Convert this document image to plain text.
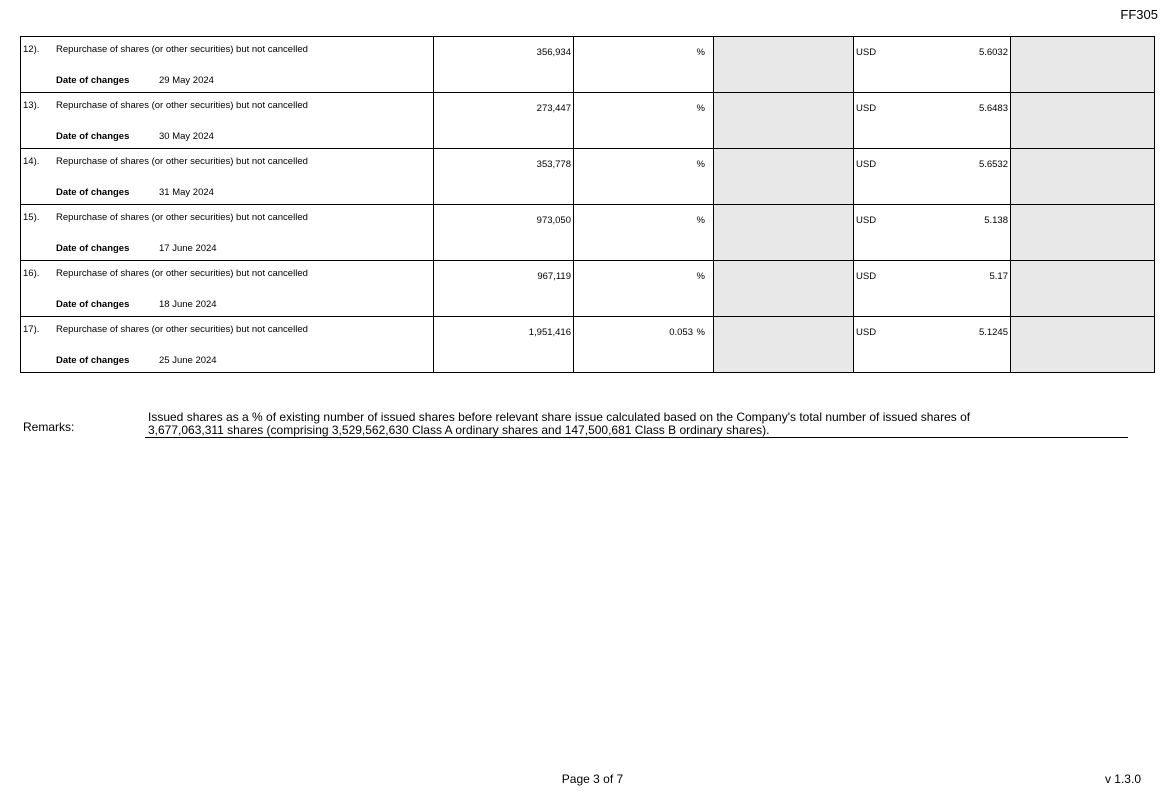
FF305
12). Repurchase of shares (or other securities) but not cancelled
Date of changes 29 May 2024	356,934	%		USD 5.6032	

13). Repurchase of shares (or other securities) but not cancelled
Date of changes 30 May 2024	273,447	%		USD 5.6483	

14). Repurchase of shares (or other securities) but not cancelled
Date of changes 31 May 2024	353,778	%		USD 5.6532	

15). Repurchase of shares (or other securities) but not cancelled
Date of changes 17 June 2024	973,050	%		USD 5.138	

16). Repurchase of shares (or other securities) but not cancelled
Date of changes 18 June 2024	967,119	%		USD 5.17	

17). Repurchase of shares (or other securities) but not cancelled
Date of changes 25 June 2024	1,951,416	0.053 %		USD 5.1245	

Remarks:
Issued shares as a % of existing number of issued shares before relevant share issue calculated based on the Company's total number of issued shares of
3,677,063,311 shares (comprising 3,529,562,630 Class A ordinary shares and 147,500,681 Class B ordinary shares).
Page 3 of 7	v 1.3.0
